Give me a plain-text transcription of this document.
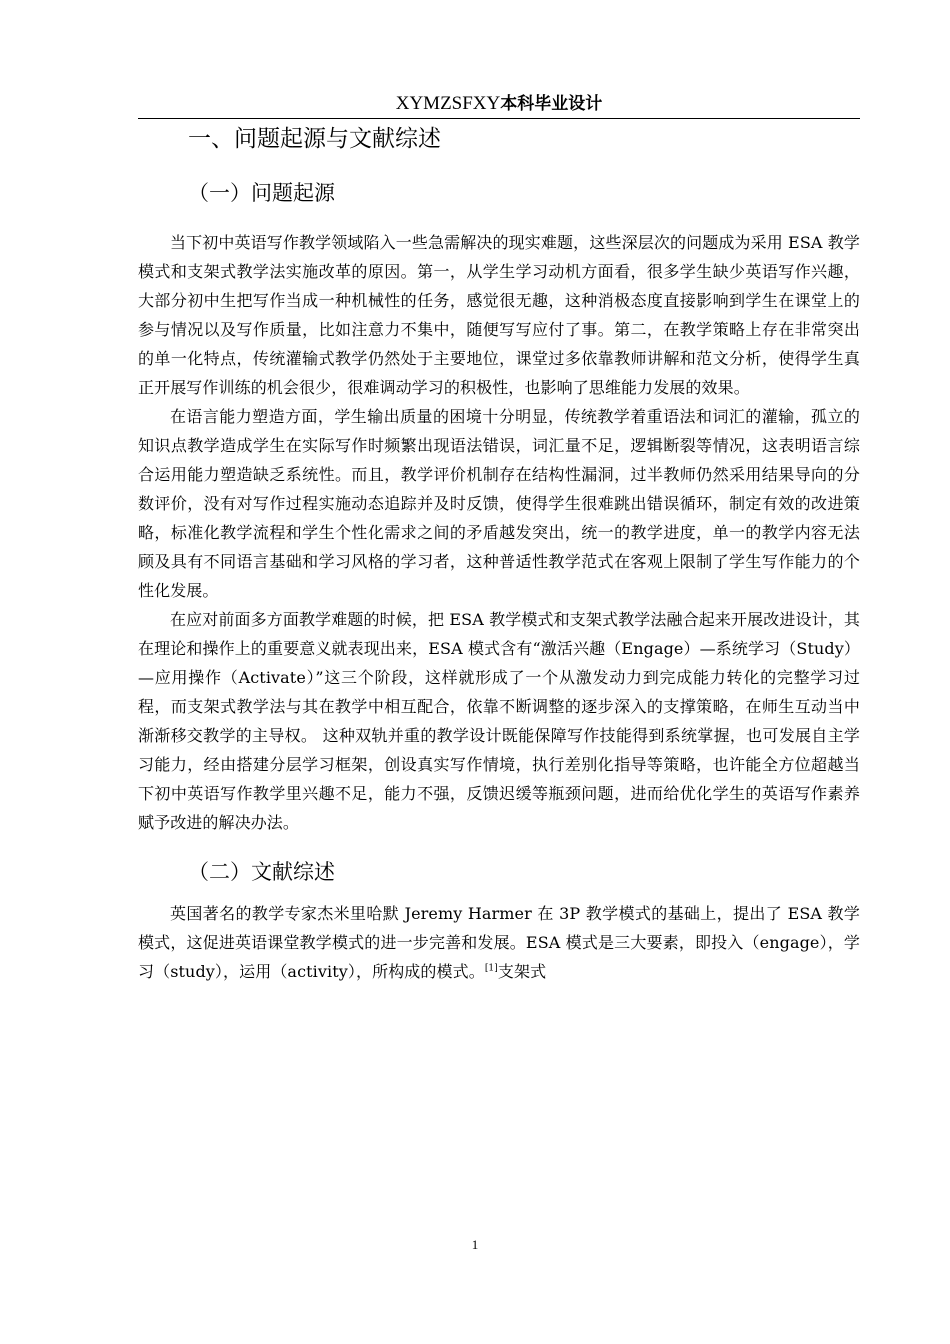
XYMZSFXY本科毕业设计
一、问题起源与文献综述
（一）问题起源

当下初中英语写作教学领域陷入一些急需解决的现实难题，这些深层次的问题成为采用 ESA 教学模式和支架式教学法实施改革的原因。第一，从学生学习动机方面看，很多学生缺少英语写作兴趣，大部分初中生把写作当成一种机械性的任务，感觉很无趣，这种消极态度直接影响到学生在课堂上的参与情况以及写作质量，比如注意力不集中，随便写写应付了事。第二，在教学策略上存在非常突出的单一化特点，传统灌输式教学仍然处于主要地位，课堂过多依靠教师讲解和范文分析，使得学生真正开展写作训练的机会很少，很难调动学习的积极性，也影响了思维能力发展的效果。

在语言能力塑造方面，学生输出质量的困境十分明显，传统教学着重语法和词汇的灌输，孤立的知识点教学造成学生在实际写作时频繁出现语法错误，词汇量不足，逻辑断裂等情况，这表明语言综合运用能力塑造缺乏系统性。而且，教学评价机制存在结构性漏洞，过半教师仍然采用结果导向的分数评价，没有对写作过程实施动态追踪并及时反馈，使得学生很难跳出错误循环，制定有效的改进策略，标准化教学流程和学生个性化需求之间的矛盾越发突出，统一的教学进度，单一的教学内容无法顾及具有不同语言基础和学习风格的学习者，这种普适性教学范式在客观上限制了学生写作能力的个性化发展。

在应对前面多方面教学难题的时候，把 ESA 教学模式和支架式教学法融合起来开展改进设计，其在理论和操作上的重要意义就表现出来，ESA 模式含有“激活兴趣（Engage）—系统学习（Study）—应用操作（Activate）”这三个阶段，这样就形成了一个从激发动力到完成能力转化的完整学习过程，而支架式教学法与其在教学中相互配合，依靠不断调整的逐步深入的支撑策略，在师生互动当中渐渐移交教学的主导权。 这种双轨并重的教学设计既能保障写作技能得到系统掌握，也可发展自主学习能力，经由搭建分层学习框架，创设真实写作情境，执行差别化指导等策略，也许能全方位超越当下初中英语写作教学里兴趣不足，能力不强，反馈迟缓等瓶颈问题，进而给优化学生的英语写作素养赋予改进的解决办法。

（二）文献综述

英国著名的教学专家杰米里哈默 Jeremy Harmer 在 3P 教学模式的基础上，提出了 ESA 教学模式，这促进英语课堂教学模式的进一步完善和发展。ESA 模式是三大要素，即投入（engage），学习（study），运用（activity），所构成的模式。[1]支架式

1
